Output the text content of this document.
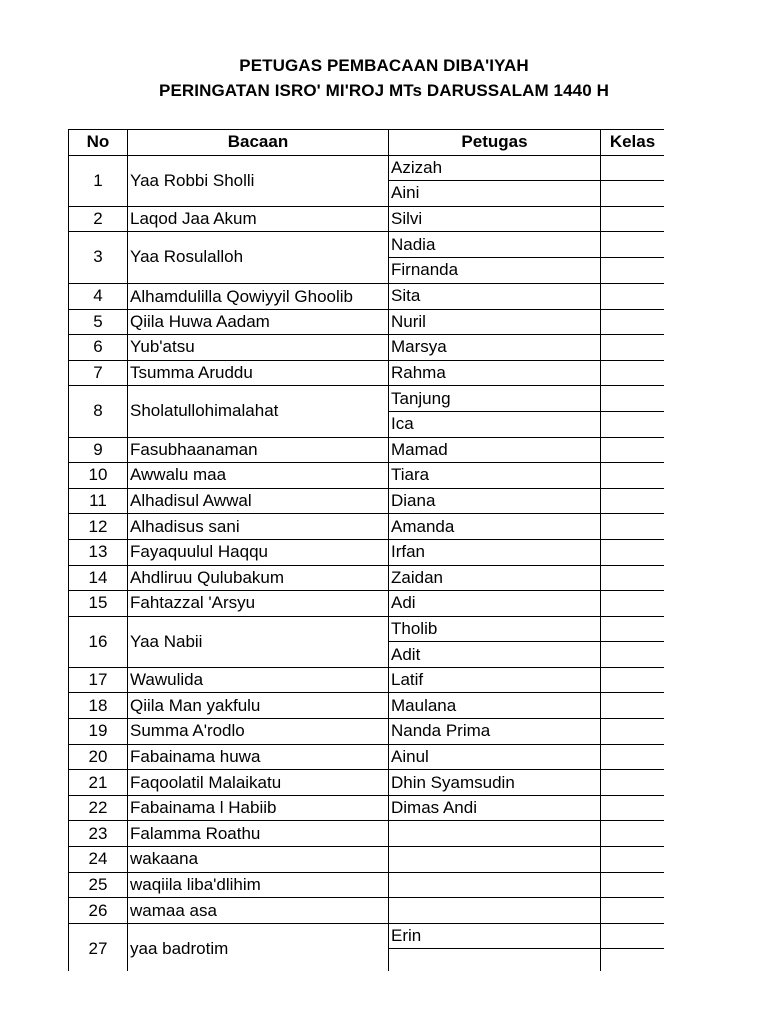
PETUGAS PEMBACAAN DIBA'IYAH
PERINGATAN ISRO' MI'ROJ MTs DARUSSALAM 1440 H
No	Bacaan	Petugas	Kelas
1	Yaa Robbi Sholli	Azizah	
		Aini	
2	Laqod Jaa Akum	Silvi	
3	Yaa Rosulalloh	Nadia	
		Firnanda	
4	Alhamdulilla Qowiyyil Ghoolib	Sita	
5	Qiila Huwa Aadam	Nuril	
6	Yub'atsu	Marsya	
7	Tsumma Aruddu	Rahma	
8	Sholatullohimalahat	Tanjung	
		Ica	
9	Fasubhaanaman	Mamad	
10	Awwalu maa	Tiara	
11	Alhadisul Awwal	Diana	
12	Alhadisus sani	Amanda	
13	Fayaquulul Haqqu	Irfan	
14	Ahdliruu Qulubakum	Zaidan	
15	Fahtazzal 'Arsyu	Adi	
16	Yaa Nabii	Tholib	
		Adit	
17	Wawulida	Latif	
18	Qiila Man yakfulu	Maulana	
19	Summa A'rodlo	Nanda Prima	
20	Fabainama huwa	Ainul	
21	Faqoolatil Malaikatu	Dhin Syamsudin	
22	Fabainama l Habiib	Dimas Andi	
23	Falamma Roathu		
24	wakaana		
25	waqiila liba'dlihim		
26	wamaa asa		
27	yaa badrotim	Erin	
